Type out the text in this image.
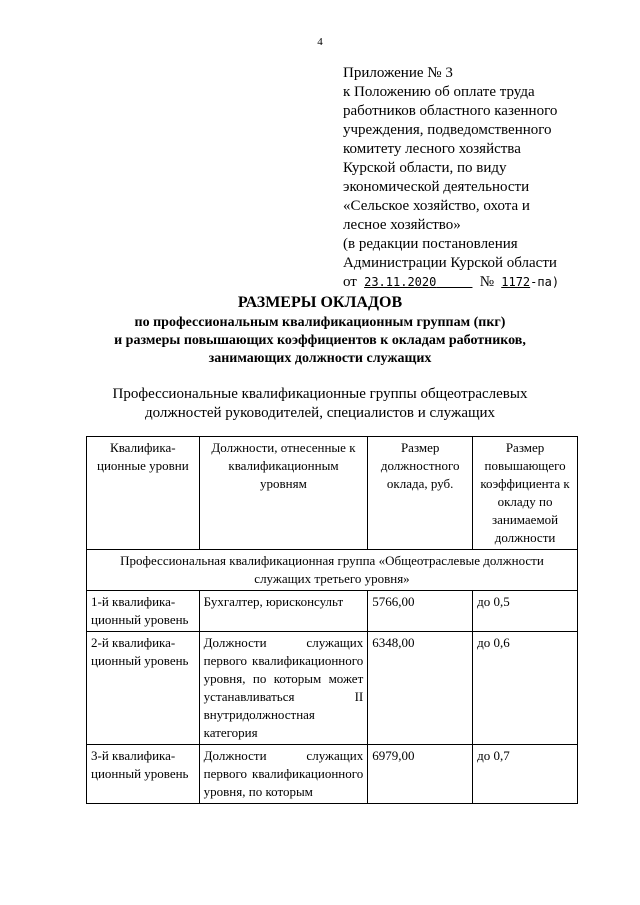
4
Приложение № 3
к Положению об оплате труда
работников областного казенного
учреждения, подведомственного
комитету лесного хозяйства
Курской области, по виду
экономической деятельности
«Сельское хозяйство, охота и
лесное хозяйство»
(в редакции постановления
Администрации Курской области
от 23.11.2020	№ 1172-па)
РАЗМЕРЫ ОКЛАДОВ
по профессиональным квалификационным группам (пкг)
и размеры повышающих коэффициентов к окладам работников,
занимающих должности служащих
Профессиональные квалификационные группы общеотраслевых
должностей руководителей, специалистов и служащих
Квалифика-ционные уровни	Должности, отнесенные к квалификационным уровням	Размер должностного оклада, руб.	Размер повышающего коэффициента к окладу по занимаемой должности
Профессиональная квалификационная группа «Общеотраслевые должности служащих третьего уровня»			
1-й квалифика-ционный уровень	Бухгалтер, юрисконсульт	5766,00	до 0,5
2-й квалифика-ционный уровень	Должности служащих первого квалификационного уровня, по которым может устанавливаться II внутридолжностная категория	6348,00	до 0,6
3-й квалифика-ционный уровень	Должности служащих первого квалификационного уровня, по которым	6979,00	до 0,7
